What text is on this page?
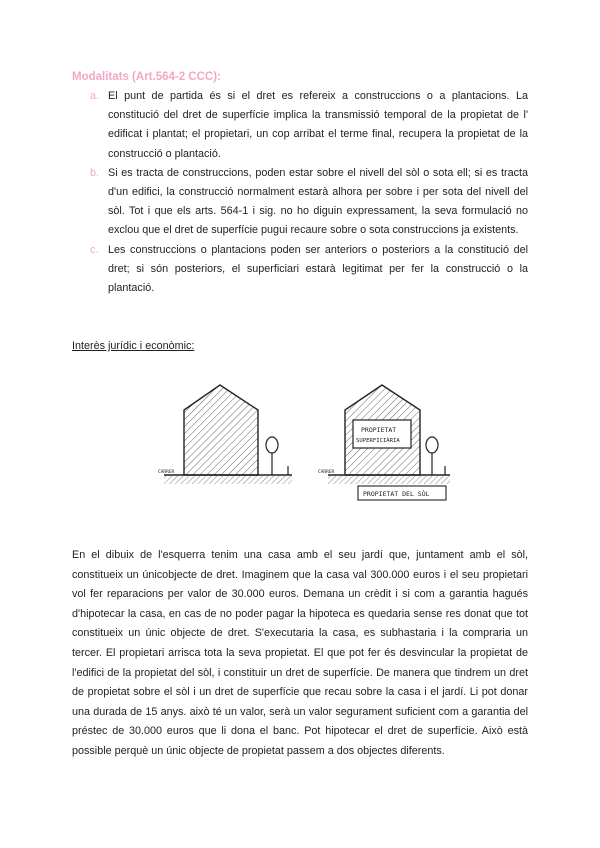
Modalitats (Art.564-2 CCC):
a. El punt de partida és si el dret es refereix a construccions o a plantacions. La constitució del dret de superfície implica la transmissió temporal de la propietat de l' edificat i plantat; el propietari, un cop arribat el terme final, recupera la propietat de la construcció o plantació.
b. Si es tracta de construccions, poden estar sobre el nivell del sòl o sota ell; si es tracta d'un edifici, la construcció normalment estarà alhora per sobre i per sota del nivell del sòl. Tot i que els arts. 564-1 i sig. no ho diguin expressament, la seva formulació no exclou que el dret de superfície pugui recaure sobre o sota construccions ja existents.
c. Les construccions o plantacions poden ser anteriors o posteriors a la constitució del dret; si són posteriors, el superficiari estarà legitimat per fer la construcció o la plantació.
Interès jurídic i econòmic:
CARRER
PROPIETAT
SUPERFICIÀRIA
CARRER
PROPIETAT DEL SÒL

En el dibuix de l'esquerra tenim una casa amb el seu jardí que, juntament amb el sòl, constitueix un únicobjecte de dret. Imaginem que la casa val 300.000 euros i el seu propietari vol fer reparacions per valor de 30.000 euros. Demana un crèdit i si com a garantia hagués d'hipotecar la casa, en cas de no poder pagar la hipoteca es quedaria sense res donat que tot constitueix un únic objecte de dret. S'executaria la casa, es subhastaria i la compraria un tercer. El propietari arrisca tota la seva propietat. El que pot fer és desvincular la propietat de l'edifici de la propietat del sòl, i constituir un dret de superfície. De manera que tindrem un dret de propietat sobre el sòl i un dret de superfície que recau sobre la casa i el jardí. Li pot donar una durada de 15 anys. això té un valor, serà un valor segurament suficient com a garantia del préstec de 30.000 euros que li dona el banc. Pot hipotecar el dret de superfície. Això està possible perquè un únic objecte de propietat passem a dos objectes diferents.
